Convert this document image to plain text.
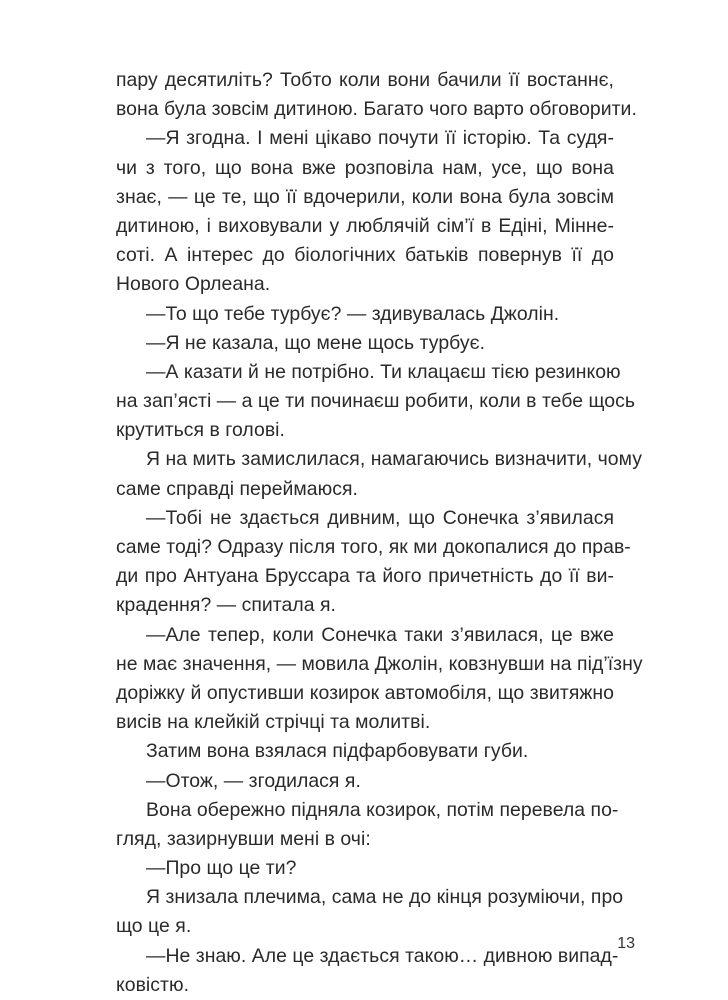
пару десятиліть? Тобто коли вони бачили її востаннє,
вона була зовсім дитиною. Багато чого варто обговорити.
—Я згодна. І мені цікаво почути її історію. Та судя-
чи з того, що вона вже розповіла нам, усе, що вона
знає, — це те, що її вдочерили, коли вона була зовсім
дитиною, і виховували у люблячій сім’ї в Едіні, Мінне-
соті. А інтерес до біологічних батьків повернув її до
Нового Орлеана.
—То що тебе турбує? — здивувалась Джолін.
—Я не казала, що мене щось турбує.
—А казати й не потрібно. Ти клацаєш тією резинкою
на зап’ясті — а це ти починаєш робити, коли в тебе щось
крутиться в голові.
Я на мить замислилася, намагаючись визначити, чому
саме справді переймаюся.
—Тобі не здається дивним, що Сонечка з’явилася
саме тоді? Одразу після того, як ми докопалися до прав-
ди про Антуана Бруссара та його причетність до її ви-
крадення? — спитала я.
—Але тепер, коли Сонечка таки з’явилася, це вже
не має значення, — мовила Джолін, ковзнувши на під’їзну
доріжку й опустивши козирок автомобіля, що звитяжно
висів на клейкій стрічці та молитві.
Затим вона взялася підфарбовувати губи.
—Отож, — згодилася я.
Вона обережно підняла козирок, потім перевела по-
гляд, зазирнувши мені в очі:
—Про що це ти?
Я знизала плечима, сама не до кінця розуміючи, про
що це я.
—Не знаю. Але це здається такою… дивною випад-
ковістю.
13
